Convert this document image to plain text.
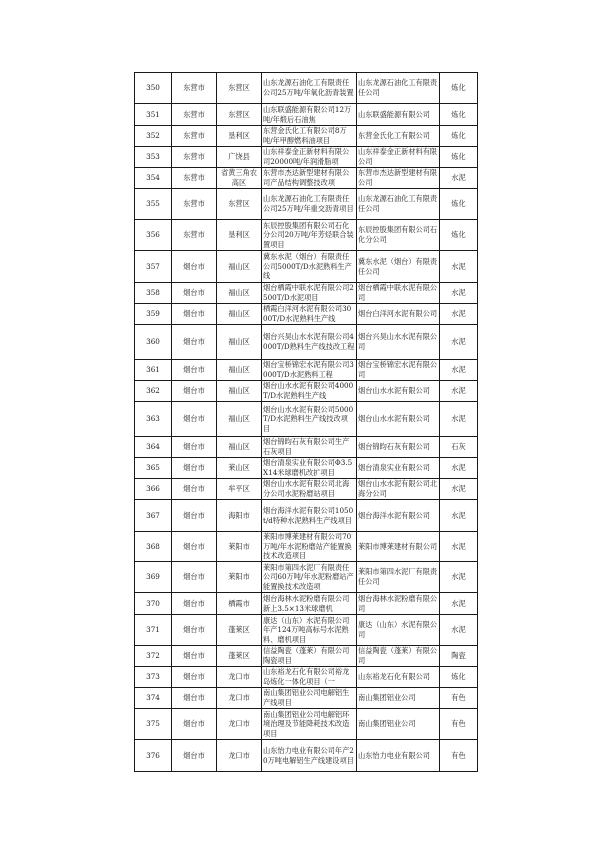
350	东营市	东营区	山东龙源石油化工有限责任公司25万吨/年氧化沥青装置	山东龙源石油化工有限责任公司	炼化
351	东营市	东营区	山东联盛能源有限公司12万吨/年煅后石油焦	山东联盛能源有限公司	炼化
352	东营市	垦利区	东营金氏化工有限公司8万吨/年甲醇燃料油项目	东营金氏化工有限公司	炼化
353	东营市	广饶县	山东祥泰金正新材料有限公司20000吨/年润滑脂项	山东祥泰金正新材料有限公司	炼化
354	东营市	省黄三角农高区	东营市杰达新型建材有限公司产品结构调整技改项	东营市杰达新型建材有限公司	水泥
355	东营市	东营区	山东龙源石油化工有限责任公司25万吨/年重交沥青项目	山东龙源石油化工有限责任公司	炼化
356	东营市	垦利区	东辰控股集团有限公司石化分公司20万吨/年芳烃联合装置项目	东辰控股集团有限公司石化分公司	炼化
357	烟台市	福山区	冀东水泥（烟台）有限责任公司5000T/D水泥熟料生产线	冀东水泥（烟台）有限责任公司	水泥
358	烟台市	福山区	烟台栖霞中联水泥有限公司2500T/D水泥项目	烟台栖霞中联水泥有限公司	水泥
359	烟台市	福山区	栖霞白洋河水泥有限公司3000T/D水泥熟料生产线	烟台白洋河水泥有限公司	水泥
360	烟台市	福山区	烟台兴昊山水水泥有限公司4000T/D熟料生产线技改工程	烟台兴昊山水水泥有限公司	水泥
361	烟台市	福山区	烟台宝桥锦宏水泥有限公司3000T/D水泥熟料工程	烟台宝桥锦宏水泥有限公司	水泥
362	烟台市	福山区	烟台山水水泥有限公司4000T/D水泥熟料生产线	烟台山水水泥有限公司	水泥
363	烟台市	福山区	烟台山水水泥有限公司5000T/D水泥熟料生产线技改项目	烟台山水水泥有限公司	水泥
364	烟台市	福山区	烟台锦昀石灰有限公司生产石灰项目	烟台锦昀石灰有限公司	石灰
365	烟台市	莱山区	烟台清泉实业有限公司Φ3.5X14米球磨机改扩项目	烟台清泉实业有限公司	水泥
366	烟台市	牟平区	烟台山水水泥有限公司北海分公司水泥粉磨站项目	烟台山水水泥有限公司北海分公司	水泥
367	烟台市	海阳市	烟台海洋水泥有限公司1050t/d特种水泥熟料生产线项目	烟台海洋水泥有限公司	水泥
368	烟台市	莱阳市	莱阳市博莱建材有限公司70万吨/年水泥粉磨站产能置换技术改造项目	莱阳市博莱建材有限公司	水泥
369	烟台市	莱阳市	莱阳市第四水泥厂有限责任公司60万吨/年水泥粉磨站产能置换技术改造项	莱阳市第四水泥厂有限责任公司	水泥
370	烟台市	栖霞市	烟台海林水泥粉磨有限公司新上3.5×13米球磨机	烟台海林水泥粉磨有限公司	水泥
371	烟台市	蓬莱区	康达（山东）水泥有限公司年产124万吨高标号水泥熟料、磨机项目	康达（山东）水泥有限公司	水泥
372	烟台市	蓬莱区	信益陶瓷（蓬莱）有限公司陶瓷项目	信益陶瓷（蓬莱）有限公司	陶瓷
373	烟台市	龙口市	山东裕龙石化有限公司裕龙岛炼化一体化项目（一	山东裕龙石化有限公司	炼化
374	烟台市	龙口市	南山集团铝业公司电解铝生产线项目	南山集团铝业公司	有色
375	烟台市	龙口市	南山集团铝业公司电解铝环境治理及节能降耗技术改造项目	南山集团铝业公司	有色
376	烟台市	龙口市	山东怡力电业有限公司年产20万吨电解铝生产线建设项目	山东怡力电业有限公司	有色
